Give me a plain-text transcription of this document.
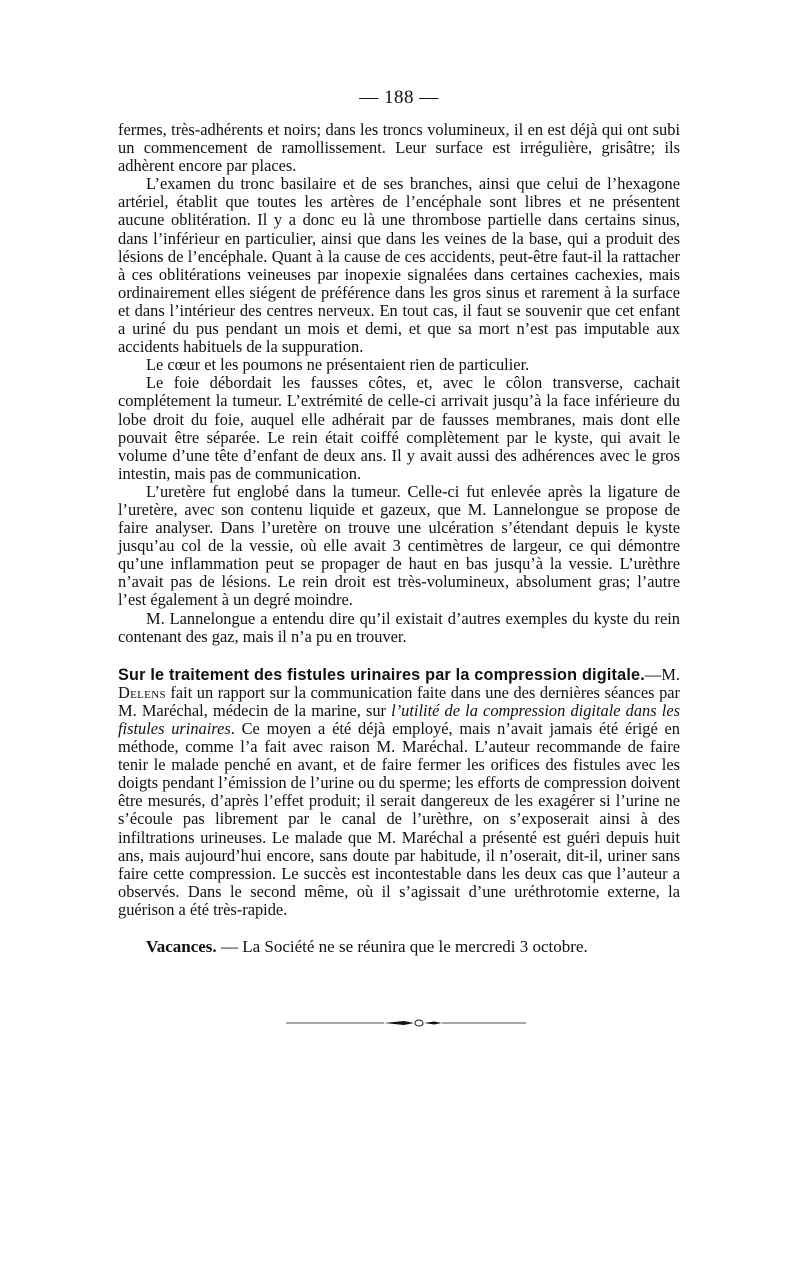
— 188 —

fermes, très-adhérents et noirs; dans les troncs volumineux, il en est déjà qui ont subi un commencement de ramollissement. Leur surface est irrégulière, grisâtre; ils adhèrent encore par places.

L’examen du tronc basilaire et de ses branches, ainsi que celui de l’hexagone artériel, établit que toutes les artères de l’encéphale sont libres et ne présentent aucune oblitération. Il y a donc eu là une thrombose partielle dans certains sinus, dans l’inférieur en particulier, ainsi que dans les veines de la base, qui a produit des lésions de l’encéphale. Quant à la cause de ces accidents, peut-être faut-il la rattacher à ces oblitérations veineuses par inopexie signalées dans certaines cachexies, mais ordinairement elles siégent de préférence dans les gros sinus et rarement à la surface et dans l’intérieur des centres nerveux. En tout cas, il faut se souvenir que cet enfant a uriné du pus pendant un mois et demi, et que sa mort n’est pas imputable aux accidents habituels de la suppuration.

Le cœur et les poumons ne présentaient rien de particulier.

Le foie débordait les fausses côtes, et, avec le côlon transverse, cachait complétement la tumeur. L’extrémité de celle-ci arrivait jusqu’à la face inférieure du lobe droit du foie, auquel elle adhérait par de fausses membranes, mais dont elle pouvait être séparée. Le rein était coiffé complètement par le kyste, qui avait le volume d’une tête d’enfant de deux ans. Il y avait aussi des adhérences avec le gros intestin, mais pas de communication.

L’uretère fut englobé dans la tumeur. Celle-ci fut enlevée après la ligature de l’uretère, avec son contenu liquide et gazeux, que M. Lannelongue se propose de faire analyser. Dans l’uretère on trouve une ulcération s’étendant depuis le kyste jusqu’au col de la vessie, où elle avait 3 centimètres de largeur, ce qui démontre qu’une inflammation peut se propager de haut en bas jusqu’à la vessie. L’urèthre n’avait pas de lésions. Le rein droit est très-volumineux, absolument gras; l’autre l’est également à un degré moindre.

M. Lannelongue a entendu dire qu’il existait d’autres exemples du kyste du rein contenant des gaz, mais il n’a pu en trouver.

Sur le traitement des fistules urinaires par la compression digitale.—M. Delens fait un rapport sur la communication faite dans une des dernières séances par M. Maréchal, médecin de la marine, sur l’utilité de la compression digitale dans les fistules urinaires. Ce moyen a été déjà employé, mais n’avait jamais été érigé en méthode, comme l’a fait avec raison M. Maréchal. L’auteur recommande de faire tenir le malade penché en avant, et de faire fermer les orifices des fistules avec les doigts pendant l’émission de l’urine ou du sperme; les efforts de compression doivent être mesurés, d’après l’effet produit; il serait dangereux de les exagérer si l’urine ne s’écoule pas librement par le canal de l’urèthre, on s’exposerait ainsi à des infiltrations urineuses. Le malade que M. Maréchal a présenté est guéri depuis huit ans, mais aujourd’hui encore, sans doute par habitude, il n’oserait, dit-il, uriner sans faire cette compression. Le succès est incontestable dans les deux cas que l’auteur a observés. Dans le second même, où il s’agissait d’une uréthrotomie externe, la guérison a été très-rapide.

Vacances. — La Société ne se réunira que le mercredi 3 octobre.
